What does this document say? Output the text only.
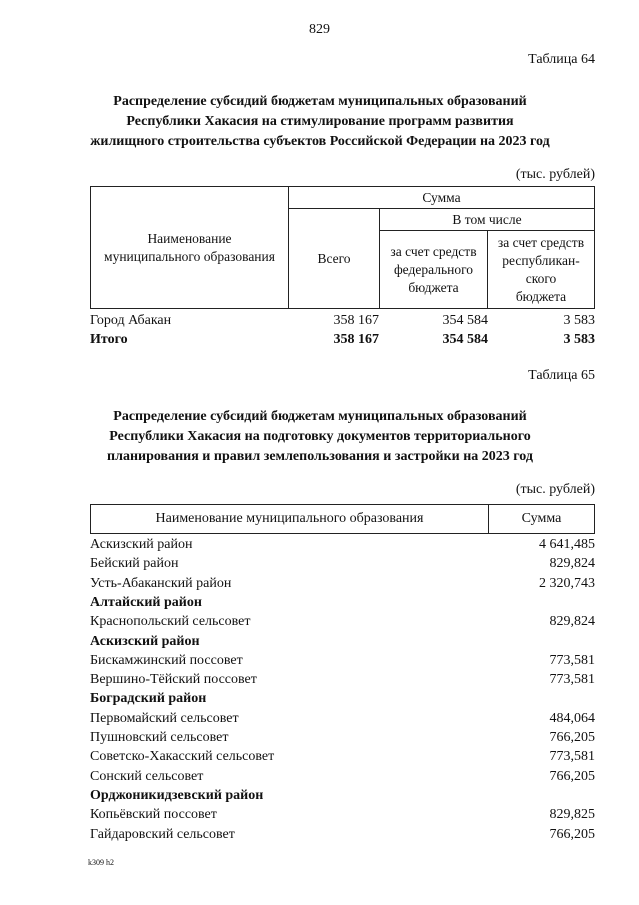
829
Таблица 64
Распределение субсидий бюджетам муниципальных образований
Республики Хакасия на стимулирование программ развития
жилищного строительства субъектов Российской Федерации на 2023 год
(тыс. рублей)
Наименование
муниципального образования
Сумма
Всего
В том числе
за счет средств
федерального
бюджета
за счет средств
республикан-
ского
бюджета
Город Абакан	358 167	354 584	3 583
Итого	358 167	354 584	3 583
Таблица 65
Распределение субсидий бюджетам муниципальных образований
Республики Хакасия на подготовку документов территориального
планирования и правил землепользования и застройки на 2023 год
(тыс. рублей)
Наименование муниципального образования	Сумма
Аскизский район	4 641,485
Бейский район	829,824
Усть-Абаканский район	2 320,743
Алтайский район
Краснопольский сельсовет	829,824
Аскизский район
Бискамжинский поссовет	773,581
Вершино-Тёйский поссовет	773,581
Боградский район
Первомайский сельсовет	484,064
Пушновский сельсовет	766,205
Советско-Хакасский сельсовет	773,581
Сонский сельсовет	766,205
Орджоникидзевский район
Копьёвский поссовет	829,825
Гайдаровский сельсовет	766,205
k309 h2
